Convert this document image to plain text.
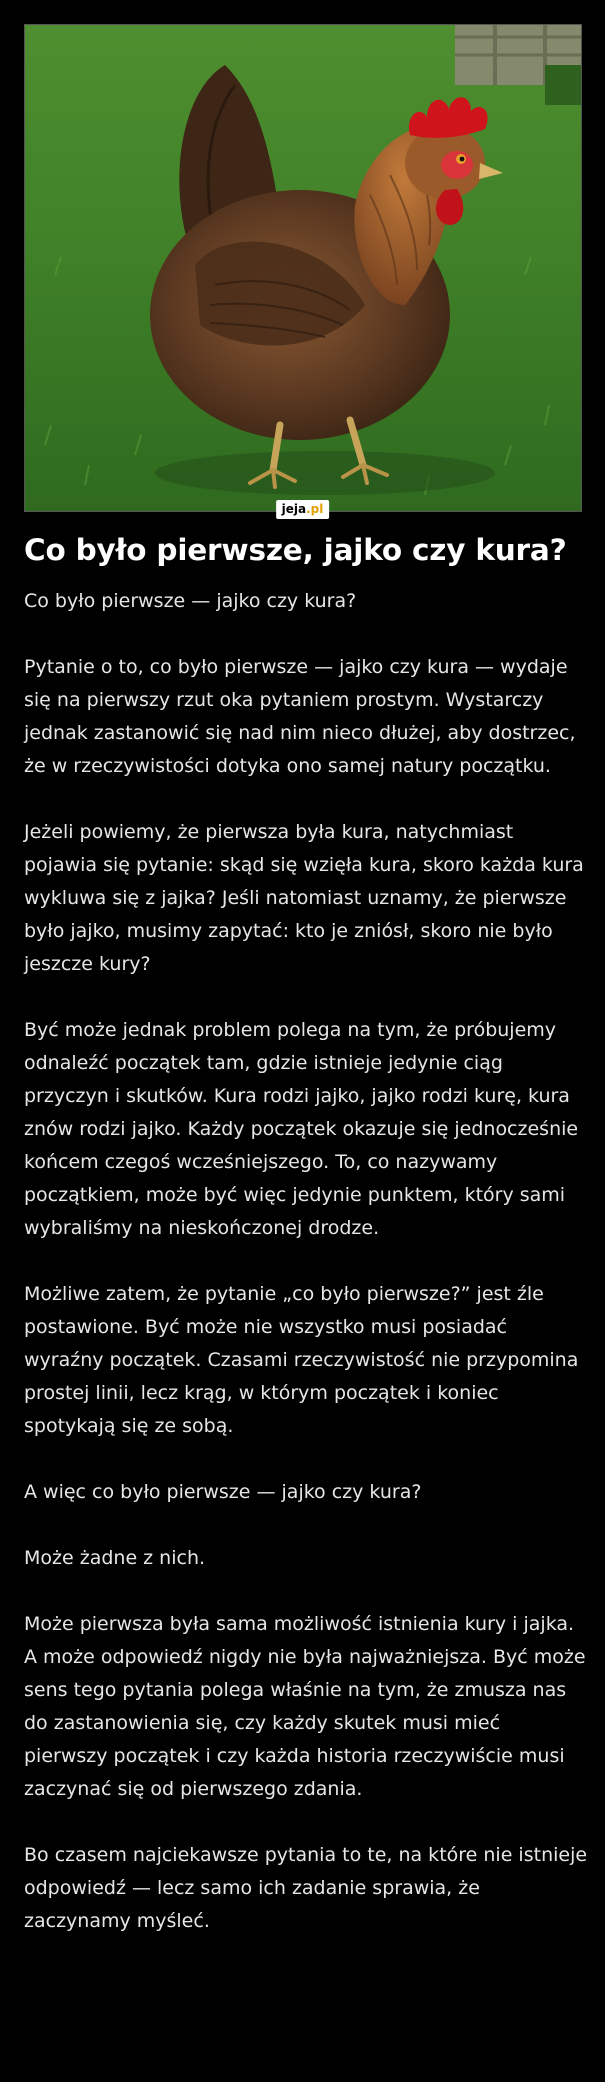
jeja.pl
Co było pierwsze, jajko czy kura?

Co było pierwsze — jajko czy kura?

Pytanie o to, co było pierwsze — jajko czy kura — wydaje się na pierwszy rzut oka pytaniem prostym. Wystarczy jednak zastanowić się nad nim nieco dłużej, aby dostrzec, że w rzeczywistości dotyka ono samej natury początku.

Jeżeli powiemy, że pierwsza była kura, natychmiast pojawia się pytanie: skąd się wzięła kura, skoro każda kura wykluwa się z jajka? Jeśli natomiast uznamy, że pierwsze było jajko, musimy zapytać: kto je zniósł, skoro nie było jeszcze kury?

Być może jednak problem polega na tym, że próbujemy odnaleźć początek tam, gdzie istnieje jedynie ciąg przyczyn i skutków. Kura rodzi jajko, jajko rodzi kurę, kura znów rodzi jajko. Każdy początek okazuje się jednocześnie końcem czegoś wcześniejszego. To, co nazywamy początkiem, może być więc jedynie punktem, który sami wybraliśmy na nieskończonej drodze.

Możliwe zatem, że pytanie „co było pierwsze?” jest źle postawione. Być może nie wszystko musi posiadać wyraźny początek. Czasami rzeczywistość nie przypomina prostej linii, lecz krąg, w którym początek i koniec spotykają się ze sobą.

A więc co było pierwsze — jajko czy kura?

Może żadne z nich.

Może pierwsza była sama możliwość istnienia kury i jajka. A może odpowiedź nigdy nie była najważniejsza. Być może sens tego pytania polega właśnie na tym, że zmusza nas do zastanowienia się, czy każdy skutek musi mieć pierwszy początek i czy każda historia rzeczywiście musi zaczynać się od pierwszego zdania.

Bo czasem najciekawsze pytania to te, na które nie istnieje odpowiedź — lecz samo ich zadanie sprawia, że zaczynamy myśleć.
